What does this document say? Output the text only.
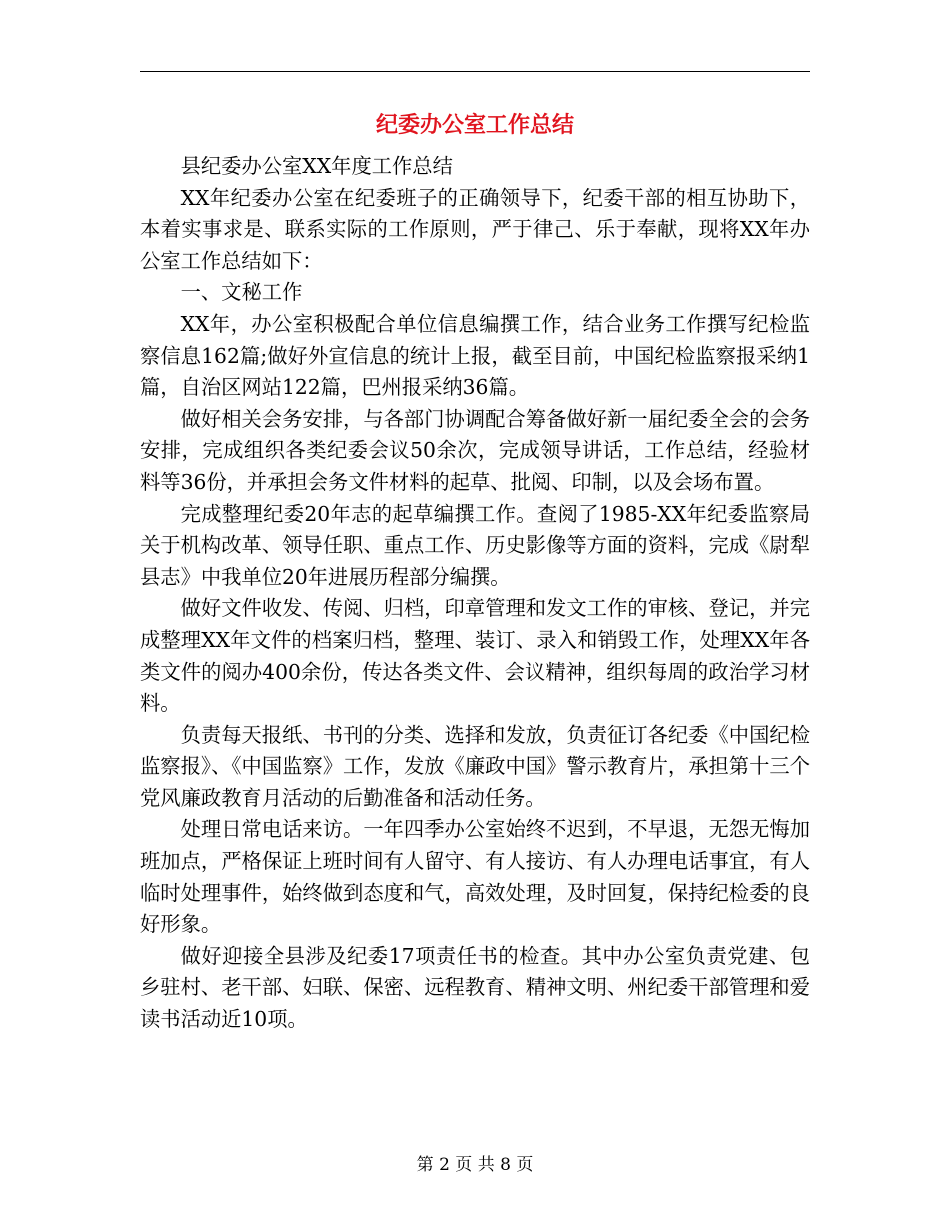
纪委办公室工作总结

县纪委办公室XX年度工作总结

XX年纪委办公室在纪委班子的正确领导下，纪委干部的相互协助下，本着实事求是、联系实际的工作原则，严于律己、乐于奉献，现将XX年办公室工作总结如下：

一、文秘工作

XX年，办公室积极配合单位信息编撰工作，结合业务工作撰写纪检监察信息162篇;做好外宣信息的统计上报，截至目前，中国纪检监察报采纳1篇，自治区网站122篇，巴州报采纳36篇。

做好相关会务安排，与各部门协调配合筹备做好新一届纪委全会的会务安排，完成组织各类纪委会议50余次，完成领导讲话，工作总结，经验材料等36份，并承担会务文件材料的起草、批阅、印制，以及会场布置。

完成整理纪委20年志的起草编撰工作。查阅了1985-XX年纪委监察局关于机构改革、领导任职、重点工作、历史影像等方面的资料，完成《尉犁县志》中我单位20年进展历程部分编撰。

做好文件收发、传阅、归档，印章管理和发文工作的审核、登记，并完成整理XX年文件的档案归档，整理、装订、录入和销毁工作，处理XX年各类文件的阅办400余份，传达各类文件、会议精神，组织每周的政治学习材料。

负责每天报纸、书刊的分类、选择和发放，负责征订各纪委《中国纪检监察报》、《中国监察》工作，发放《廉政中国》警示教育片，承担第十三个党风廉政教育月活动的后勤准备和活动任务。

处理日常电话来访。一年四季办公室始终不迟到，不早退，无怨无悔加班加点，严格保证上班时间有人留守、有人接访、有人办理电话事宜，有人临时处理事件，始终做到态度和气，高效处理，及时回复，保持纪检委的良好形象。

做好迎接全县涉及纪委17项责任书的检查。其中办公室负责党建、包乡驻村、老干部、妇联、保密、远程教育、精神文明、州纪委干部管理和爱读书活动近10项。

第 2 页 共 8 页
